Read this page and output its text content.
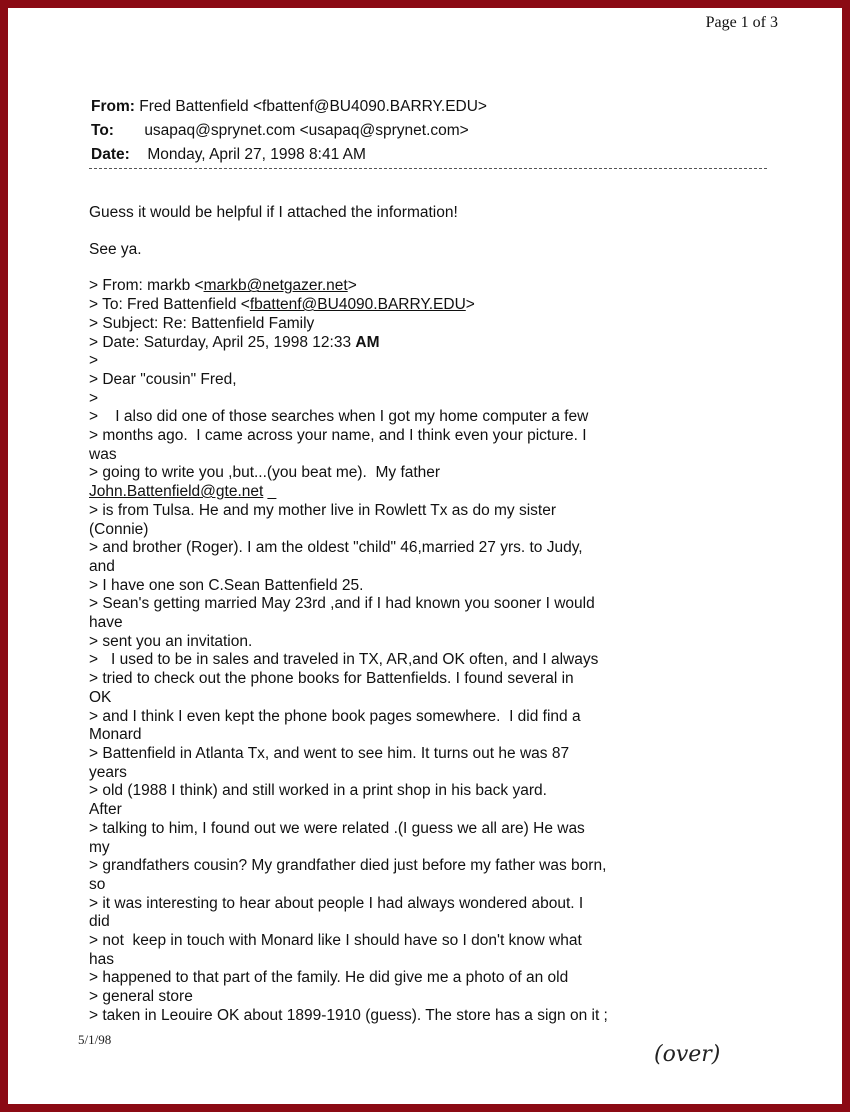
Page 1 of 3
From: Fred Battenfield <fbattenf@BU4090.BARRY.EDU>
To: usapaq@sprynet.com <usapaq@sprynet.com>
Date: Monday, April 27, 1998 8:41 AM

Guess it would be helpful if I attached the information!

See ya.

> From: markb <markb@netgazer.net>

> To: Fred Battenfield <fbattenf@BU4090.BARRY.EDU>

> Subject: Re: Battenfield Family

> Date: Saturday, April 25, 1998 12:33 AM

>

> Dear "cousin" Fred,

>

>    I also did one of those searches when I got my home computer a few

> months ago.  I came across your name, and I think even your picture. I

was

> going to write you ,but...(you beat me).  My father

John.Battenfield@gte.net _

> is from Tulsa. He and my mother live in Rowlett Tx as do my sister

(Connie)

> and brother (Roger). I am the oldest "child" 46,married 27 yrs. to Judy,

and

> I have one son C.Sean Battenfield 25.

> Sean's getting married May 23rd ,and if I had known you sooner I would

have

> sent you an invitation.

>   I used to be in sales and traveled in TX, AR,and OK often, and I always

> tried to check out the phone books for Battenfields. I found several in

OK

> and I think I even kept the phone book pages somewhere.  I did find a

Monard

> Battenfield in Atlanta Tx, and went to see him. It turns out he was 87

years

> old (1988 I think) and still worked in a print shop in his back yard.

After

> talking to him, I found out we were related .(I guess we all are) He was

my

> grandfathers cousin? My grandfather died just before my father was born,

so

> it was interesting to hear about people I had always wondered about. I

did

> not  keep in touch with Monard like I should have so I don't know what

has

> happened to that part of the family. He did give me a photo of an old

> general store

> taken in Leouire OK about 1899-1910 (guess). The store has a sign on it ;

5/1/98
(over)
